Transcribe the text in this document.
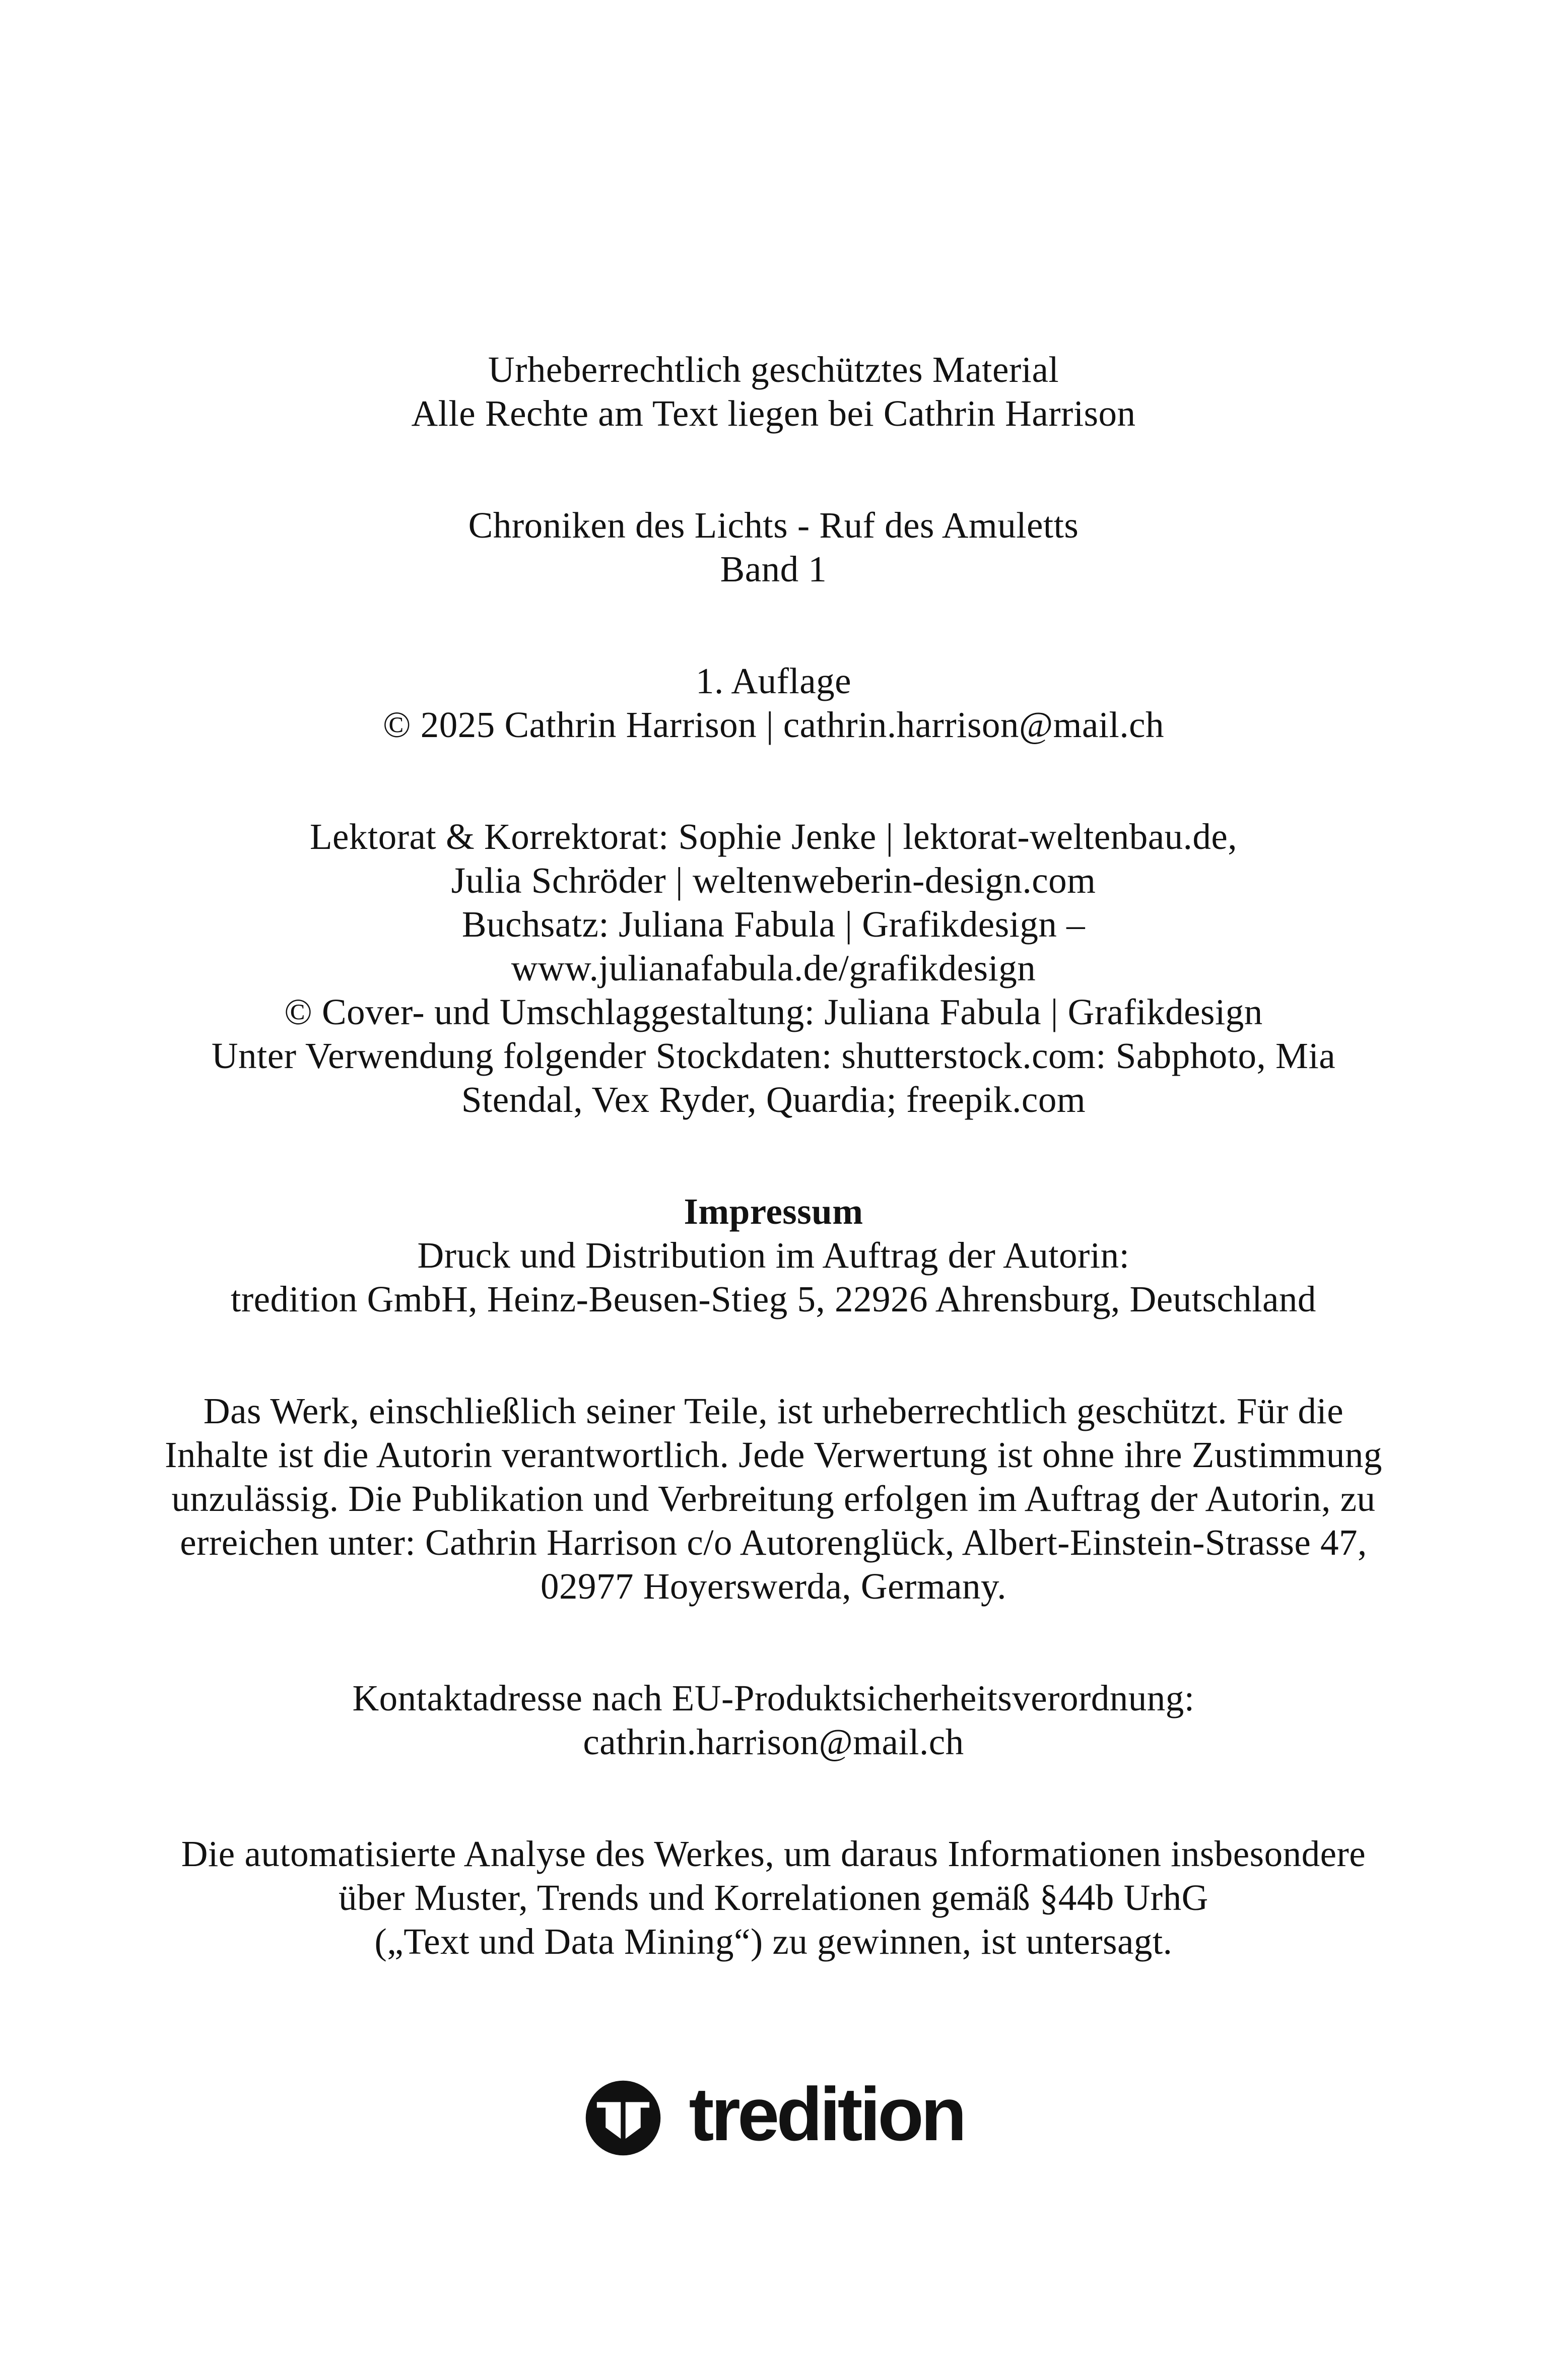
Urheberrechtlich geschütztes Material
Alle Rechte am Text liegen bei Cathrin Harrison
Chroniken des Lichts - Ruf des Amuletts
Band 1
1. Auflage
© 2025 Cathrin Harrison | cathrin.harrison@mail.ch
Lektorat & Korrektorat: Sophie Jenke | lektorat-weltenbau.de,
Julia Schröder | weltenweberin-design.com
Buchsatz: Juliana Fabula | Grafikdesign –
www.julianafabula.de/grafikdesign
© Cover- und Umschlaggestaltung: Juliana Fabula | Grafikdesign
Unter Verwendung folgender Stockdaten: shutterstock.com: Sabphoto, Mia
Stendal, Vex Ryder, Quardia; freepik.com
Impressum
Druck und Distribution im Auftrag der Autorin:
tredition GmbH, Heinz-Beusen-Stieg 5, 22926 Ahrensburg, Deutschland
Das Werk, einschließlich seiner Teile, ist urheberrechtlich geschützt. Für die
Inhalte ist die Autorin verantwortlich. Jede Verwertung ist ohne ihre Zustimmung
unzulässig. Die Publikation und Verbreitung erfolgen im Auftrag der Autorin, zu
erreichen unter: Cathrin Harrison c/o Autorenglück, Albert-Einstein-Strasse 47,
02977 Hoyerswerda, Germany.
Kontaktadresse nach EU-Produktsicherheitsverordnung:
cathrin.harrison@mail.ch
Die automatisierte Analyse des Werkes, um daraus Informationen insbesondere
über Muster, Trends und Korrelationen gemäß §44b UrhG
(„Text und Data Mining“) zu gewinnen, ist untersagt.
tredition
